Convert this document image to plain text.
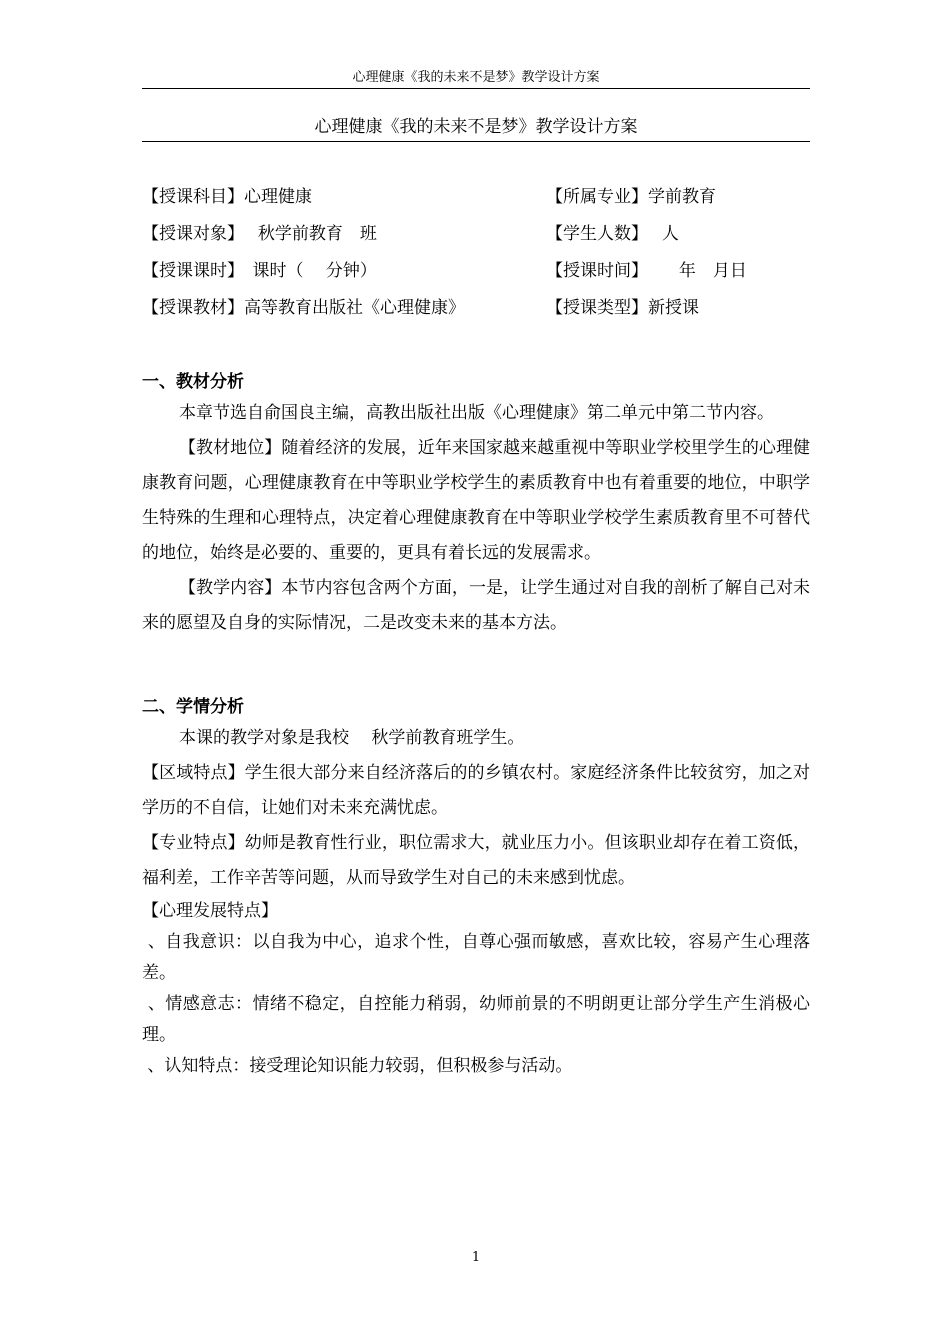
心理健康《我的未来不是梦》教学设计方案
心理健康《我的未来不是梦》教学设计方案

【授课科目】心理健康

	【所属专业】学前教育

【授课对象】　 秋学前教育　班

	【学生人数】　 人

【授课课时】　课时（　 分钟）

	【授课时间】　　 年　月日

【授课教材】高等教育出版社《心理健康》

	【授课类型】新授课

一、教材分析

本章节选自俞国良主编，高教出版社出版《心理健康》第二单元中第二节内容。

【教材地位】随着经济的发展，近年来国家越来越重视中等职业学校里学生的心理健康教育问题，心理健康教育在中等职业学校学生的素质教育中也有着重要的地位，中职学生特殊的生理和心理特点，决定着心理健康教育在中等职业学校学生素质教育里不可替代的地位，始终是必要的、重要的，更具有着长远的发展需求。

【教学内容】本节内容包含两个方面，一是，让学生通过对自我的剖析了解自己对未来的愿望及自身的实际情况，二是改变未来的基本方法。

二、学情分析

本课的教学对象是我校　 秋学前教育班学生。

【区域特点】学生很大部分来自经济落后的的乡镇农村。家庭经济条件比较贫穷，加之对学历的不自信，让她们对未来充满忧虑。

【专业特点】幼师是教育性行业，职位需求大，就业压力小。但该职业却存在着工资低，福利差，工作辛苦等问题，从而导致学生对自己的未来感到忧虑。

【心理发展特点】

、自我意识：以自我为中心，追求个性，自尊心强而敏感，喜欢比较，容易产生心理落差。

、情感意志：情绪不稳定，自控能力稍弱，幼师前景的不明朗更让部分学生产生消极心理。

、认知特点：接受理论知识能力较弱，但积极参与活动。

1
